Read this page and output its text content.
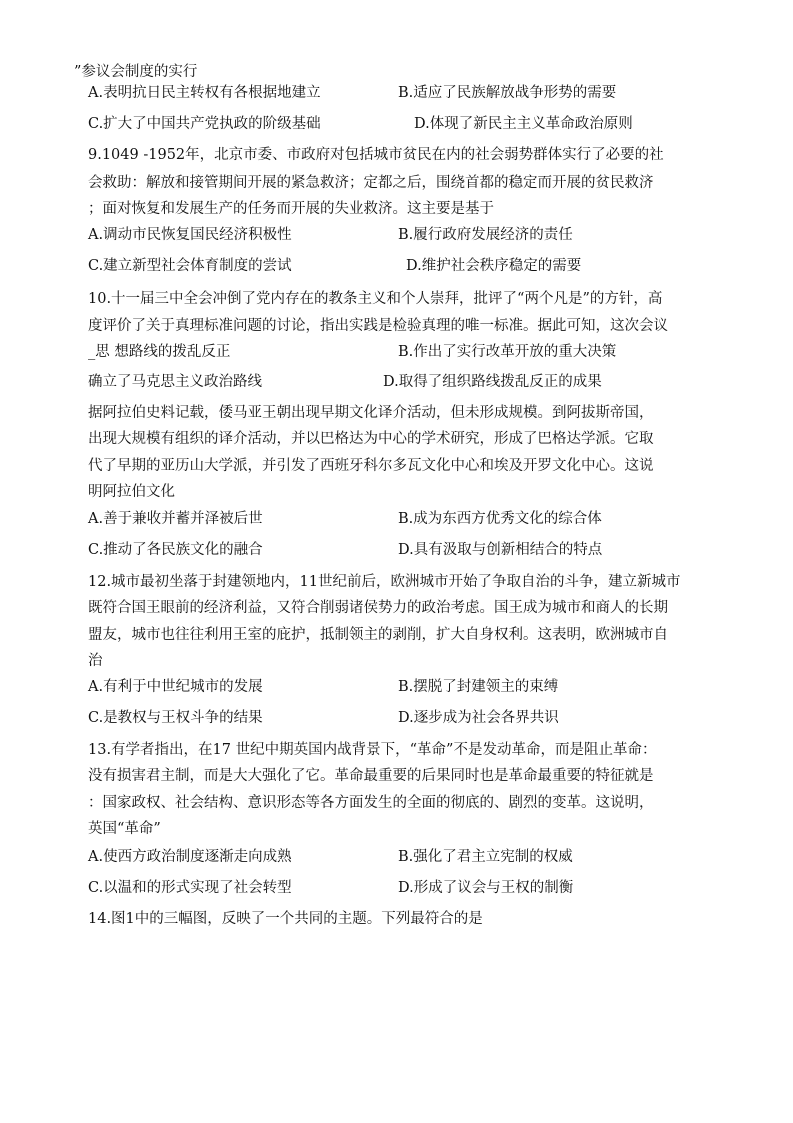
”参议会制度的实行
A.表明抗日民主转权有各根据地建立	B.适应了民族解放战争形势的需要
C.扩大了中国共产党执政的阶级基础	D.体现了新民主主义革命政治原则
9.1049 -1952年，北京市委、市政府对包括城市贫民在内的社会弱势群体实行了必要的社
会救助：解放和接管期间开展的紧急救济；定都之后，围绕首都的稳定而开展的贫民救济
；面对恢复和发展生产的任务而开展的失业救济。这主要是基于
A.调动市民恢复国民经济积极性	B.履行政府发展经济的责任
C.建立新型社会体育制度的尝试	D.维护社会秩序稳定的需要
10.十一届三中全会冲倒了党内存在的教条主义和个人崇拜，批评了“两个凡是”的方针，高
度评价了关于真理标准问题的讨论，指出实践是检验真理的唯一标准。据此可知，这次会议
_思 想路线的拨乱反正	B.作出了实行改革开放的重大决策
确立了马克思主义政治路线	D.取得了组织路线拨乱反正的成果
据阿拉伯史料记载，倭马亚王朝出现早期文化译介活动，但未形成规模。到阿拔斯帝国，
出现大规模有组织的译介活动，并以巴格达为中心的学术研究，形成了巴格达学派。它取
代了早期的亚历山大学派，并引发了西班牙科尔多瓦文化中心和埃及开罗文化中心。这说
明阿拉伯文化
A.善于兼收并蓄并泽被后世	B.成为东西方优秀文化的综合体
C.推动了各民族文化的融合	D.具有汲取与创新相结合的特点
12.城市最初坐落于封建领地内，11世纪前后，欧洲城市开始了争取自治的斗争，建立新城市
既符合国王眼前的经济利益，又符合削弱诸侯势力的政治考虑。国王成为城市和商人的长期
盟友，城市也往往利用王室的庇护，抵制领主的剥削，扩大自身权利。这表明，欧洲城市自
治
A.有利于中世纪城市的发展	B.摆脱了封建领主的束缚
C.是教权与王权斗争的结果	D.逐步成为社会各界共识
13.有学者指出，在17 世纪中期英国内战背景下，“革命”不是发动革命，而是阻止革命：
没有损害君主制，而是大大强化了它。革命最重要的后果同时也是革命最重要的特征就是
：国家政权、社会结构、意识形态等各方面发生的全面的彻底的、剧烈的变革。这说明，
英国“革命”
A.使西方政治制度逐渐走向成熟	B.强化了君主立宪制的权威
C.以温和的形式实现了社会转型	D.形成了议会与王权的制衡
14.图1中的三幅图，反映了一个共同的主题。下列最符合的是
